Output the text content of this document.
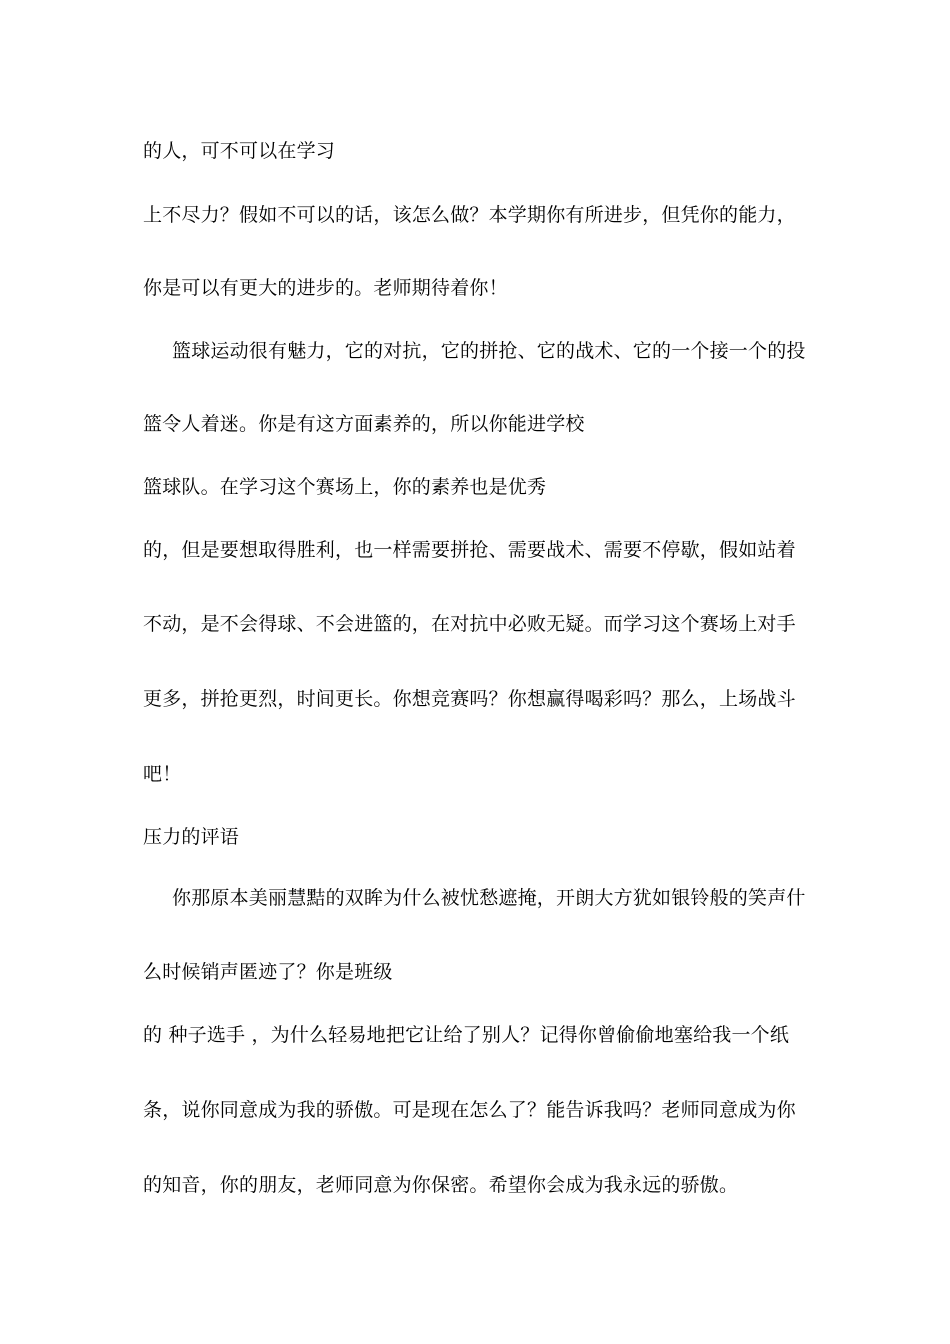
的人，可不可以在学习
上不尽力？假如不可以的话，该怎么做？本学期你有所进步，但凭你的能力，
你是可以有更大的进步的。老师期待着你！
篮球运动很有魅力，它的对抗，它的拼抢、它的战术、它的一个接一个的投
篮令人着迷。你是有这方面素养的，所以你能进学校
篮球队。在学习这个赛场上，你的素养也是优秀
的，但是要想取得胜利，也一样需要拼抢、需要战术、需要不停歇，假如站着
不动，是不会得球、不会进篮的，在对抗中必败无疑。而学习这个赛场上对手
更多，拼抢更烈，时间更长。你想竞赛吗？你想赢得喝彩吗？那么，上场战斗
吧！
压力的评语
你那原本美丽慧黠的双眸为什么被忧愁遮掩，开朗大方犹如银铃般的笑声什
么时候销声匿迹了？你是班级
的 种子选手 ，为什么轻易地把它让给了别人？记得你曾偷偷地塞给我一个纸
条，说你同意成为我的骄傲。可是现在怎么了？能告诉我吗？老师同意成为你
的知音，你的朋友，老师同意为你保密。希望你会成为我永远的骄傲。
